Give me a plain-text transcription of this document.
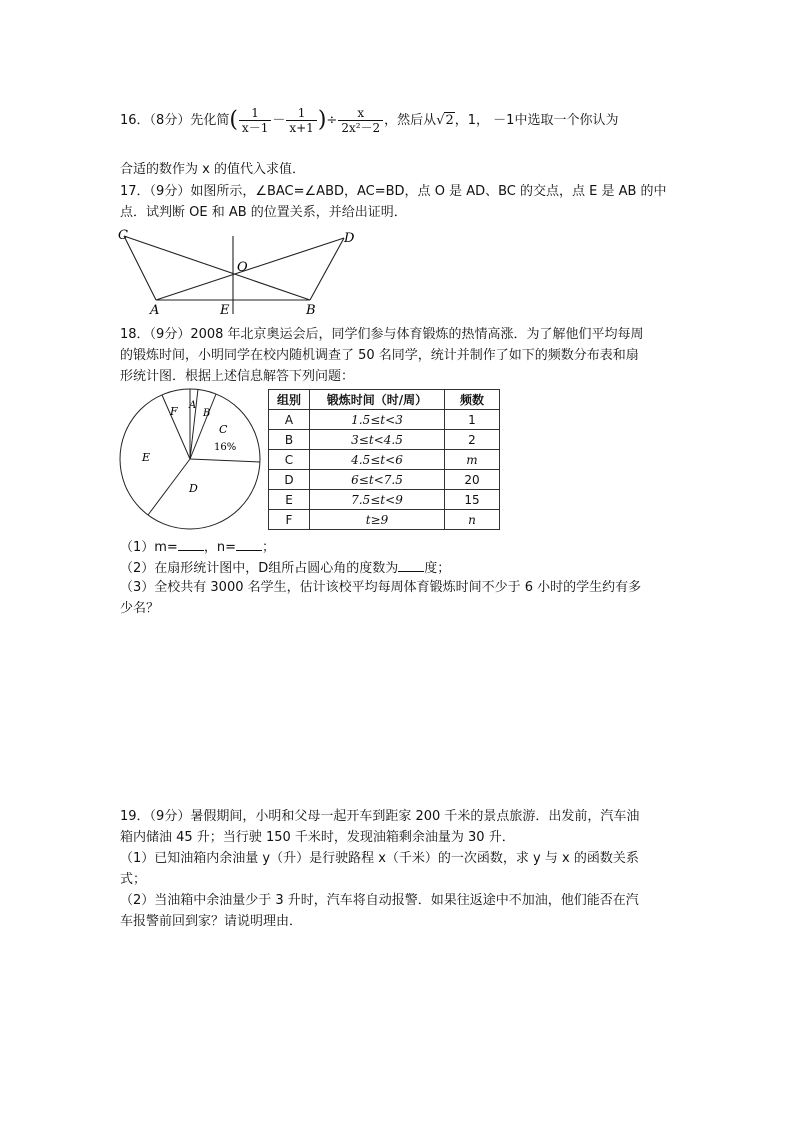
16．（8分）先化简( $\frac{1}{x-1} - \frac{1}{x+1}$ )÷ $\frac{x}{\text{2x²－2}}$ ，然后从√2，1， －1中选取一个你认为
合适的数作为 x 的值代入求值．
17．（9分）如图所示，∠BAC=∠ABD，AC=BD，点 O 是 AD、BC 的交点，点 E 是 AB 的中
点．试判断 OE 和 AB 的位置关系，并给出证明．
C	D
O
A	E	B
18．（9分）2008 年北京奥运会后，同学们参与体育锻炼的热情高涨．为了解他们平均每周
的锻炼时间，小明同学在校内随机调查了 50 名同学，统计并制作了如下的频数分布表和扇
形统计图．根据上述信息解答下列问题：
A
B
C
16%
D
E
F
组别	锻炼时间（时/周）	频数
A	1.5≤t<3	1
B	3≤t<4.5	2
C	4.5≤t<6	m
D	6≤t<7.5	20
E	7.5≤t<9	15
F	t≥9	n
（1）m= ，n= ；
（2）在扇形统计图中，D组所占圆心角的度数为 度；
（3）全校共有 3000 名学生，估计该校平均每周体育锻炼时间不少于 6 小时的学生约有多
少名？
19．（9分）暑假期间，小明和父母一起开车到距家 200 千米的景点旅游．出发前，汽车油
箱内储油 45 升；当行驶 150 千米时，发现油箱剩余油量为 30 升．
（1）已知油箱内余油量 y（升）是行驶路程 x（千米）的一次函数，求 y 与 x 的函数关系
式；
（2）当油箱中余油量少于 3 升时，汽车将自动报警．如果往返途中不加油，他们能否在汽
车报警前回到家？请说明理由．
